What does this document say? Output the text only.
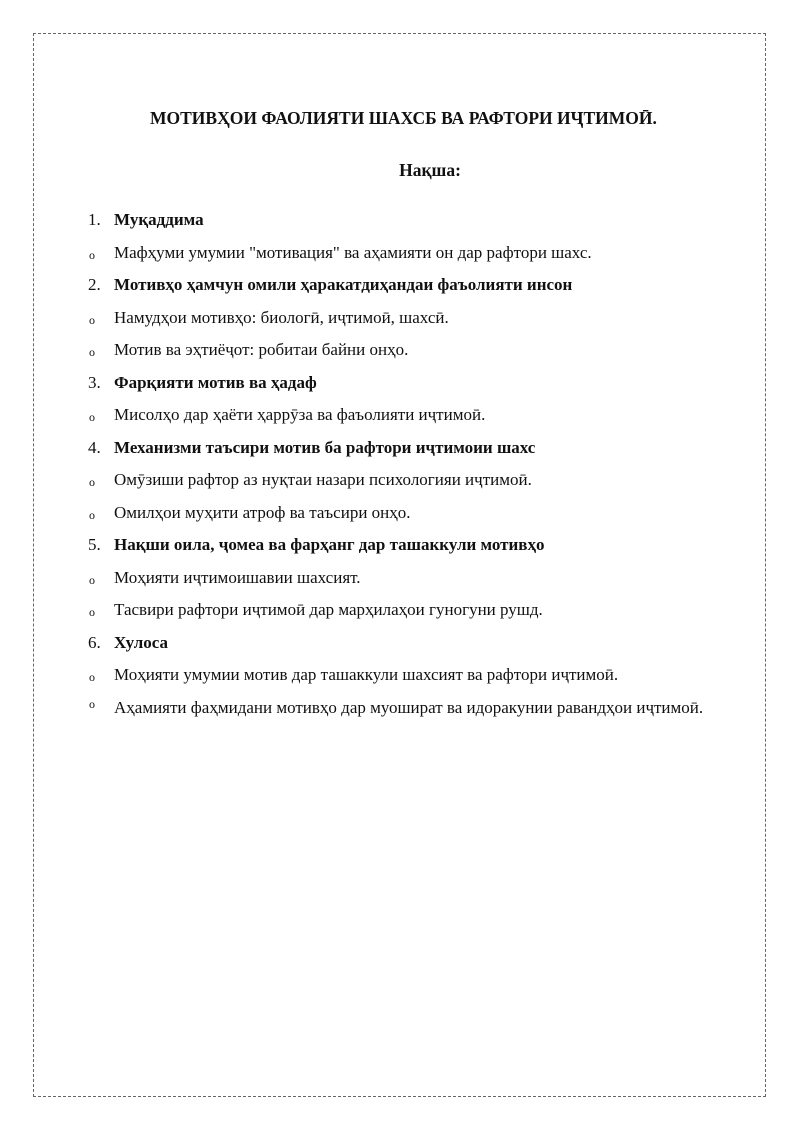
МОТИВҲОИ ФАОЛИЯТИ ШАХСБ ВА РАФТОРИ ИҶТИМОӢ.
Нақша:
1. Муқаддима
o Мафҳуми умумии "мотивация" ва аҳамияти он дар рафтори шахс.
2. Мотивҳо ҳамчун омили ҳаракатдиҳандаи фаъолияти инсон
o Намудҳои мотивҳо: биологӣ, иҷтимоӣ, шахсӣ.
o Мотив ва эҳтиёҷот: робитаи байни онҳо.
3. Фарқияти мотив ва ҳадаф
o Мисолҳо дар ҳаёти ҳаррӯза ва фаъолияти иҷтимоӣ.
4. Механизми таъсири мотив ба рафтори иҷтимоии шахс
o Омӯзиши рафтор аз нуқтаи назари психологияи иҷтимоӣ.
o Омилҳои муҳити атроф ва таъсири онҳо.
5. Нақши оила, ҷомеа ва фарҳанг дар ташаккули мотивҳо
o Моҳияти иҷтимоишавии шахсият.
o Тасвири рафтори иҷтимоӣ дар марҳилаҳои гуногуни рушд.
6. Хулоса
o Моҳияти умумии мотив дар ташаккули шахсият ва рафтори иҷтимоӣ.
o Аҳамияти фаҳмидани мотивҳо дар муошират ва идоракунии равандҳои иҷтимоӣ.
